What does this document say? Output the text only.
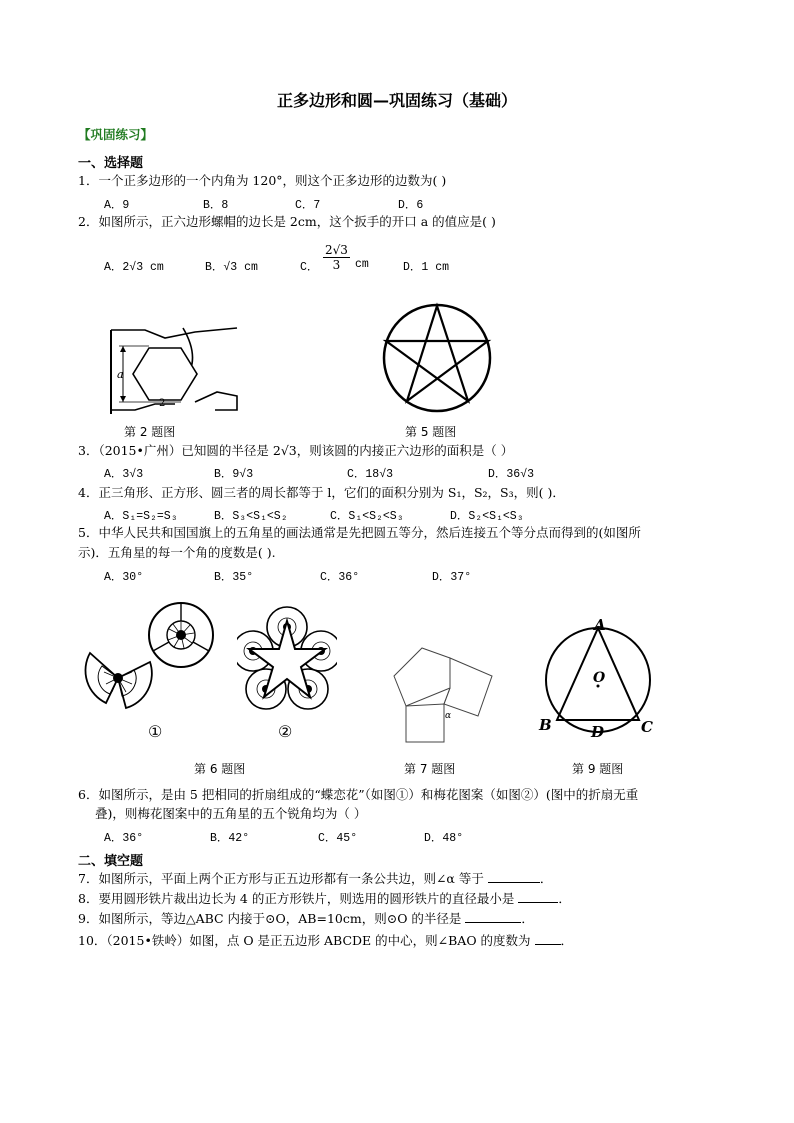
正多边形和圆—巩固练习（基础）
【巩固练习】
一、选择题
1．一个正多边形的一个内角为 120°，则这个正多边形的边数为( )
A．9	B．8	C．7	D．6
2．如图所示，正六边形螺帽的边长是 2cm，这个扳手的开口 a 的值应是( )
A．2√3 cm	B．√3 cm	C． $\frac{2√3}{3}$ cm	D．1 cm
a
2
第 2 题图	第 5 题图
3．（2015•广州）已知圆的半径是 2√3，则该圆的内接正六边形的面积是（ ）
A．3√3	B．9√3	C．18√3	D．36√3
4．正三角形、正方形、圆三者的周长都等于 l，它们的面积分别为 S₁，S₂，S₃，则( )．
A．S₁=S₂=S₃	B．S₃<S₁<S₂	C．S₁<S₂<S₃	D．S₂<S₁<S₃
5．中华人民共和国国旗上的五角星的画法通常是先把圆五等分，然后连接五个等分点而得到的(如图所
示)．五角星的每一个角的度数是( ).
A．30°	B．35°	C．36°	D．37°
①	②
第 6 题图
α
第 7 题图
A
O
B	D C
第 9 题图
6．如图所示，是由 5 把相同的折扇组成的“蝶恋花”（如图①）和梅花图案（如图②）(图中的折扇无重
叠)，则梅花图案中的五角星的五个锐角均为（ ）
A．36°	B．42°	C．45°	D．48°
二、填空题
7．如图所示，平面上两个正方形与正五边形都有一条公共边，则∠α 等于	．
8．要用圆形铁片裁出边长为 4 的正方形铁片，则选用的圆形铁片的直径最小是	．
9．如图所示，等边△ABC 内接于⊙O，AB=10cm，则⊙O 的半径是	．
10．（2015•铁岭）如图，点 O 是正五边形 ABCDE 的中心，则∠BAO 的度数为 ．
